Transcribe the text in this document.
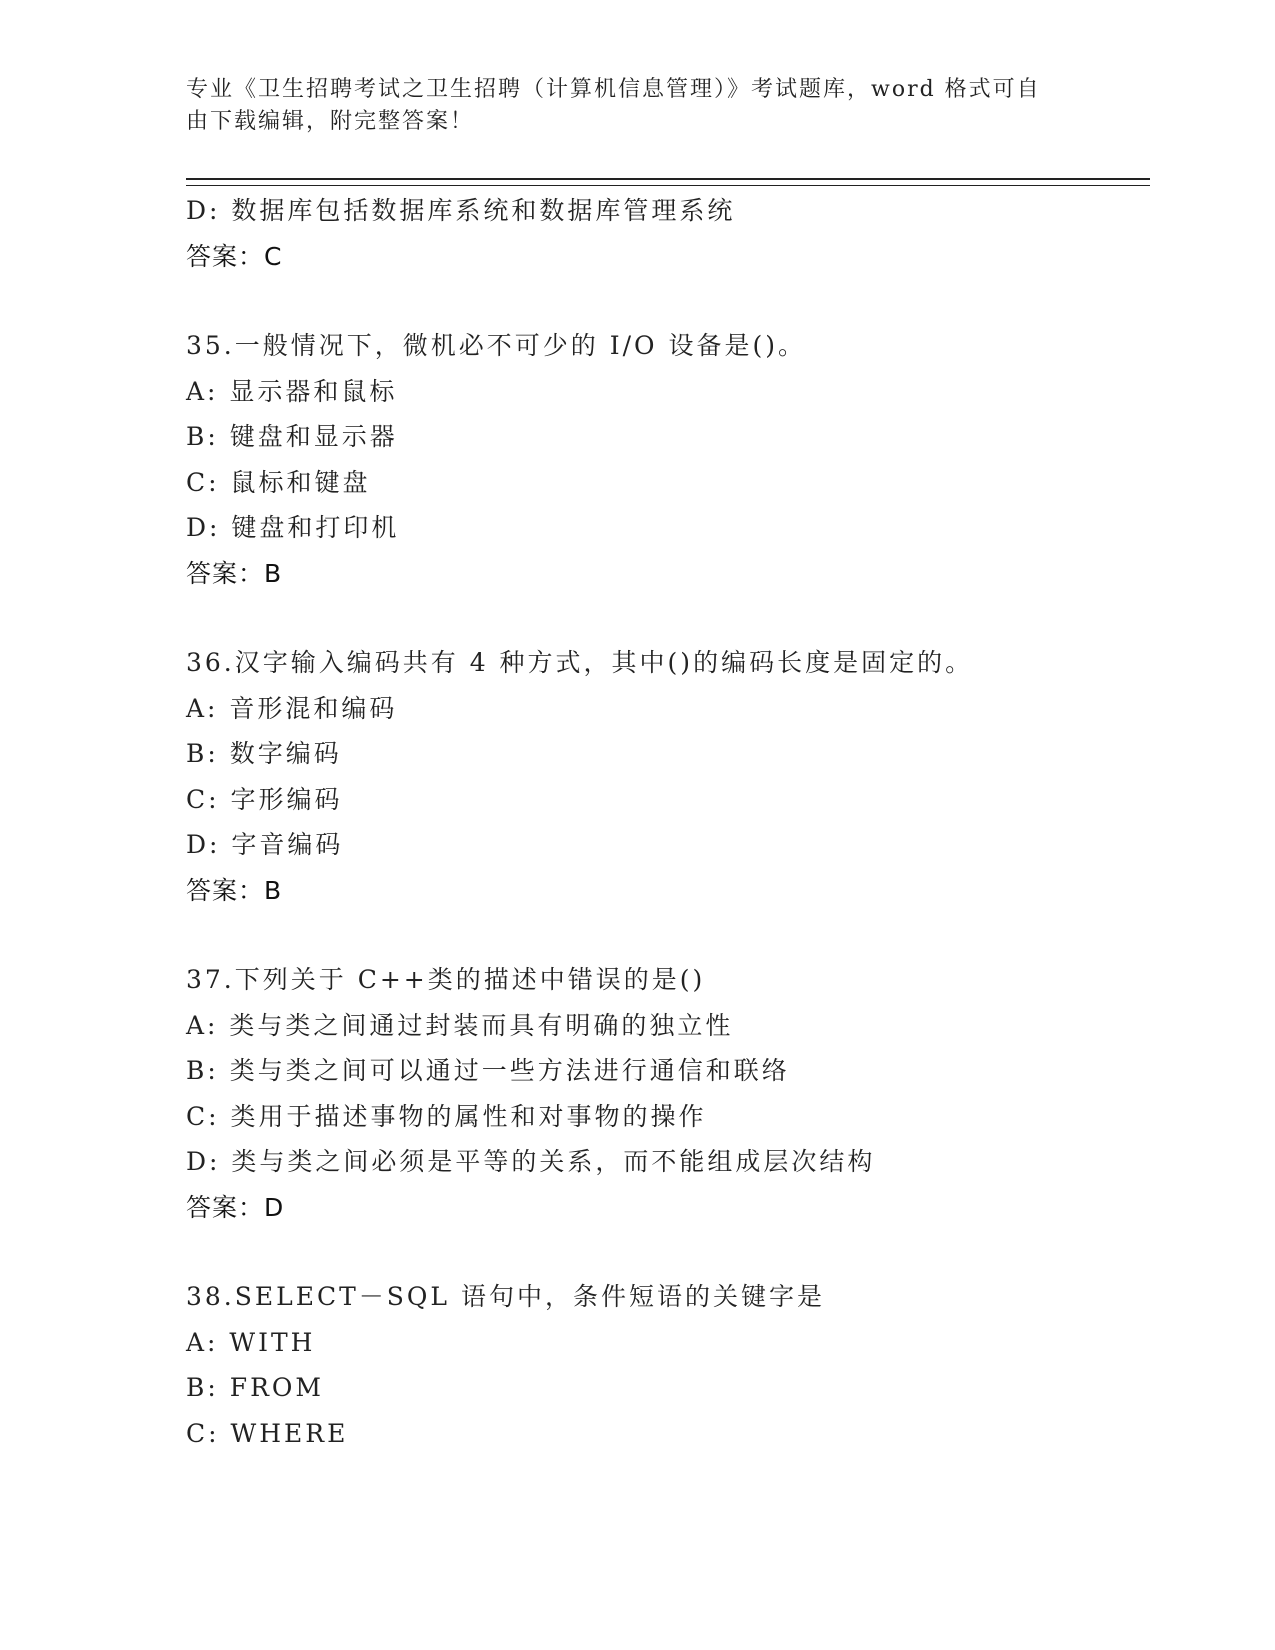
专业《卫生招聘考试之卫生招聘（计算机信息管理）》考试题库，word 格式可自
由下载编辑，附完整答案！
D: 数据库包括数据库系统和数据库管理系统
答案：C
35.一般情况下，微机必不可少的 I/O 设备是()。
A: 显示器和鼠标
B: 键盘和显示器
C: 鼠标和键盘
D: 键盘和打印机
答案：B
36.汉字输入编码共有 4 种方式，其中()的编码长度是固定的。
A: 音形混和编码
B: 数字编码
C: 字形编码
D: 字音编码
答案：B
37.下列关于 C++类的描述中错误的是()
A: 类与类之间通过封装而具有明确的独立性
B: 类与类之间可以通过一些方法进行通信和联络
C: 类用于描述事物的属性和对事物的操作
D: 类与类之间必须是平等的关系，而不能组成层次结构
答案：D
38.SELECT－SQL 语句中，条件短语的关键字是
A: WITH
B: FROM
C: WHERE
